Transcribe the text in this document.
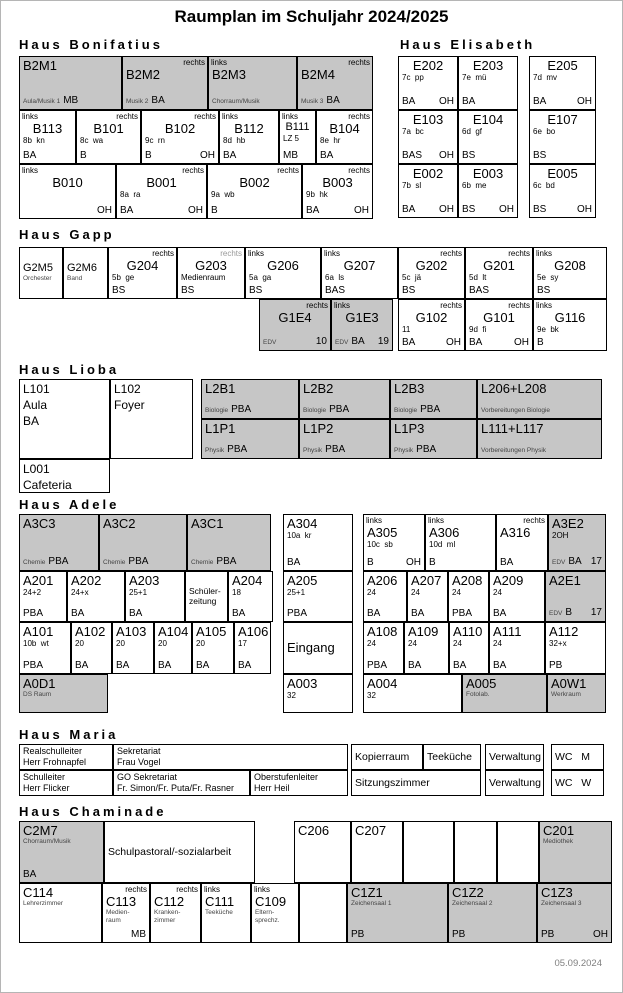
Raumplan im Schuljahr 2024/2025
Haus Bonifatius
B2M1
Aula/Musik 1 MB
rechts
B2M2
Musik 2 BA
links
B2M3
Chorraum/Musik
rechts
B2M4
Musik 3 BA
links
B113
8b  kn
BA
rechts
B101
8c  wa
B
rechts
B102
9c  rn
B	OH
links
B112
8d  hb
BA
links
B111
LZ 5
MB
rechts
B104
8e  hr
BA
links
B010
OH
rechts
B001
8a  ra
BA	OH
rechts
B002
9a  wb
B
rechts
B003
9b  hk
BA	OH
Haus Elisabeth
E202
7c  pp
BA OH
E203
7e  mü
BA
E205
7d  mv
BA	OH
E103
7a  bc
BAS OH
E104
6d  gf
BS
E107
6e  bo
BS
E002
7b  sl
BA OH
E003
6b  me
BS OH
E005
6c  bd
BS	OH
Haus Gapp
G2M5
Orchester
G2M6
Band
rechts
G204
5b  ge
BS
rechts
G203
Medienraum
BS
links
G206
5a  ga
BS
links
G207
6a  ls
BAS
rechts
G202
5c  jä
BS
rechts
G201
5d  lt
BAS
links
G208
5e  sy
BS
rechts
G1E4
EDV	10
links
G1E3
EDV BA 19
rechts
G102
11
BA	OH
rechts
G101
9d  fi
BA	OH
links
G116
9e  bk
B
Haus Lioba
L101
Aula
BA
L102
Foyer
L2B1
Biologie PBA
L2B2
Biologie PBA
L2B3
Biologie PBA
L206+L208
Vorbereitungen Biologie
L1P1
Physik PBA
L1P2
Physik PBA
L1P3
Physik PBA
L111+L117
Vorbereitungen Physik
L001
Cafeteria
Haus Adele
A3C3
Chemie PBA
A3C2
Chemie PBA
A3C1
Chemie PBA
A201
24+2
PBA
A202
24+x
BA
A203
25+1
BA
Schüler-
zeitung
A204
18
BA
A101
10b  wt
PBA
A102
20
BA
A103
20
BA
A104
20
BA
A105
20
BA
A106
17
BA
A0D1
DS Raum
A304
10a  kr
BA
A205
25+1
PBA
Eingang
A003
32
links
A305
10c  sb
B	OH
links
A306
10d  ml
B
rechts
A316
BA
A3E2
2OH
EDV BA 17
A206
24
BA
A207
24
BA
A208
24
PBA
A209
24
BA
A2E1
EDV B 17
A108
24
PBA
A109
24
BA
A110
24
BA
A111
24
BA
A112
32+x
PB
A004
32
A005
Fotolab.
A0W1
Werkraum
Haus Maria
Realschulleiter
Herr Frohnapfel
Sekretariat
Frau Vogel	Kopierraum	Teeküche	Verwaltung WC   M
Schulleiter
Herr Flicker
GO Sekretariat
Fr. Simon/Fr. Puta/Fr. Rasner
Oberstufenleiter
Herr Heil	Sitzungszimmer	Verwaltung WC   W
Haus Chaminade
C2M7
Chorraum/Musik
BA
Schulpastoral/-sozialarbeit
C206	C207	C201
Mediothek
C114
Lehrerzimmer
rechts
C113
Medien-
raum
MB
rechts
C112
Kranken-
zimmer
links
C111
Teeküche
links
C109
Eltern-
sprechz.
C1Z1
Zeichensaal 1
PB
C1Z2
Zeichensaal 2
PB
C1Z3
Zeichensaal 3
PB	OH
05.09.2024
